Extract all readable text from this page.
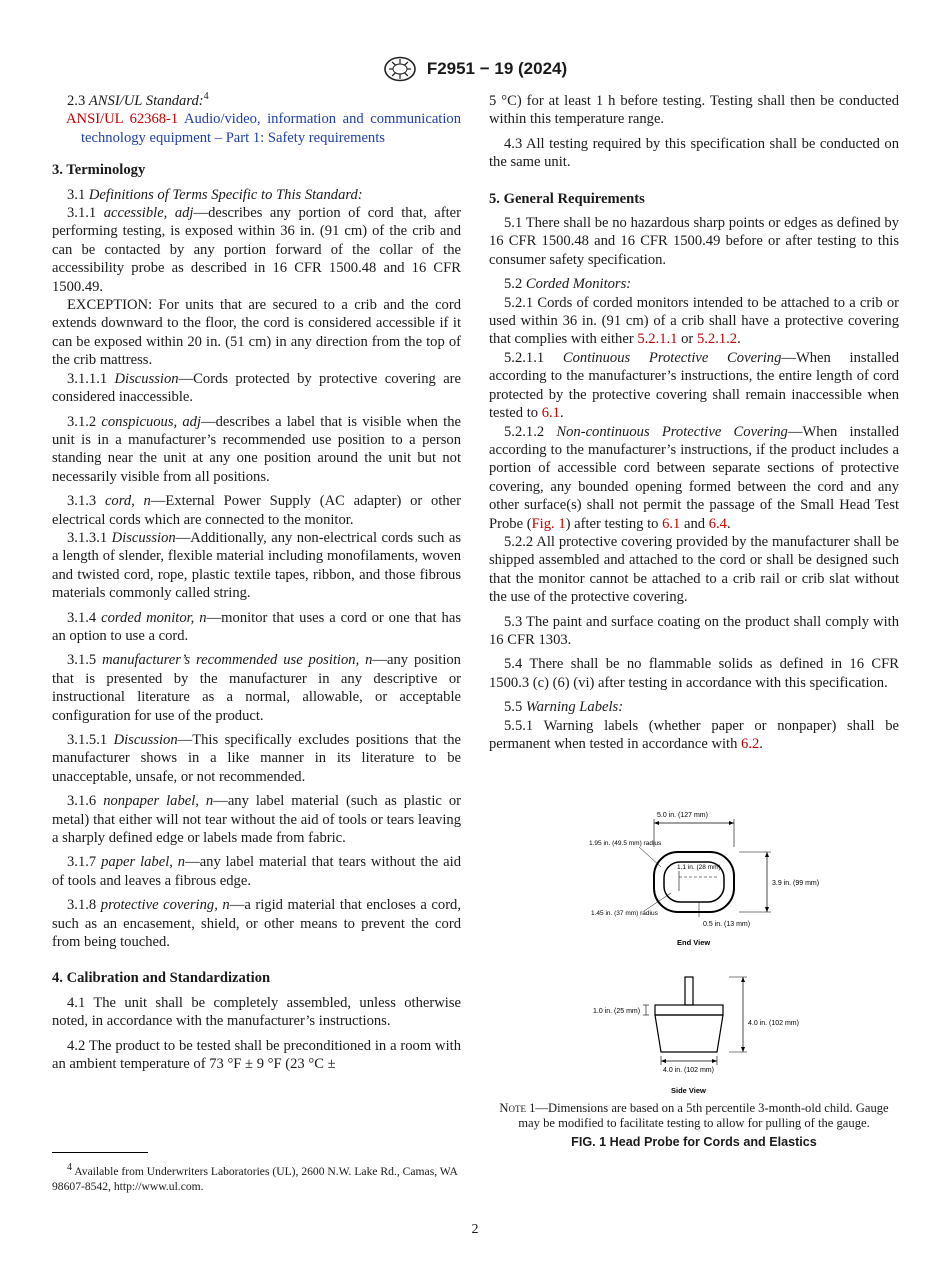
F2951 − 19 (2024)

2.3 ANSI/UL Standard:$^4$

ANSI/UL 62368-1 Audio/video, information and communication technology equipment – Part 1: Safety requirements
3. Terminology

3.1 Definitions of Terms Specific to This Standard:

3.1.1 accessible, adj—describes any portion of cord that, after performing testing, is exposed within 36 in. (91 cm) of the crib and can be contacted by any portion forward of the collar of the accessibility probe as described in 16 CFR 1500.48 and 16 CFR 1500.49.

EXCEPTION: For units that are secured to a crib and the cord extends downward to the floor, the cord is considered accessible if it can be exposed within 20 in. (51 cm) in any direction from the top of the crib mattress.

3.1.1.1 Discussion—Cords protected by protective covering are considered inaccessible.

3.1.2 conspicuous, adj—describes a label that is visible when the unit is in a manufacturer’s recommended use position to a person standing near the unit at any one position around the unit but not necessarily visible from all positions.

3.1.3 cord, n—External Power Supply (AC adapter) or other electrical cords which are connected to the monitor.

3.1.3.1 Discussion—Additionally, any non-electrical cords such as a length of slender, flexible material including monofilaments, woven and twisted cord, rope, plastic textile tapes, ribbon, and those fibrous materials commonly called string.

3.1.4 corded monitor, n—monitor that uses a cord or one that has an option to use a cord.

3.1.5 manufacturer’s recommended use position, n—any position that is presented by the manufacturer in any descriptive or instructional literature as a normal, allowable, or acceptable configuration for use of the product.

3.1.5.1 Discussion—This specifically excludes positions that the manufacturer shows in a like manner in its literature to be unacceptable, unsafe, or not recommended.

3.1.6 nonpaper label, n—any label material (such as plastic or metal) that either will not tear without the aid of tools or tears leaving a sharply defined edge or labels made from fabric.

3.1.7 paper label, n—any label material that tears without the aid of tools and leaves a fibrous edge.

3.1.8 protective covering, n—a rigid material that encloses a cord, such as an encasement, shield, or other means to prevent the cord from being touched.

4. Calibration and Standardization

4.1 The unit shall be completely assembled, unless otherwise noted, in accordance with the manufacturer’s instructions.

4.2 The product to be tested shall be preconditioned in a room with an ambient temperature of 73 °F ± 9 °F (23 °C ±

5 °C) for at least 1 h before testing. Testing shall then be conducted within this temperature range.

4.3 All testing required by this specification shall be conducted on the same unit.

5. General Requirements

5.1 There shall be no hazardous sharp points or edges as defined by 16 CFR 1500.48 and 16 CFR 1500.49 before or after testing to this consumer safety specification.

5.2 Corded Monitors:

5.2.1 Cords of corded monitors intended to be attached to a crib or used within 36 in. (91 cm) of a crib shall have a protective covering that complies with either 5.2.1.1 or 5.2.1.2.

5.2.1.1 Continuous Protective Covering—When installed according to the manufacturer’s instructions, the entire length of cord protected by the protective covering shall remain inaccessible when tested to 6.1.

5.2.1.2 Non-continuous Protective Covering—When installed according to the manufacturer’s instructions, if the product includes a portion of accessible cord between separate sections of protective covering, any bounded opening formed between the cord and any other surface(s) shall not permit the passage of the Small Head Test Probe (Fig. 1) after testing to 6.1 and 6.4.

5.2.2 All protective covering provided by the manufacturer shall be shipped assembled and attached to the cord or shall be designed such that the monitor cannot be attached to a crib rail or crib slat without the use of the protective covering.

5.3 The paint and surface coating on the product shall comply with 16 CFR 1303.

5.4 There shall be no flammable solids as defined in 16 CFR 1500.3 (c) (6) (vi) after testing in accordance with this specification.

5.5 Warning Labels:

5.5.1 Warning labels (whether paper or nonpaper) shall be permanent when tested in accordance with 6.2.

5.0 in. (127 mm)
3.9 in. (99 mm)
1.1 in. (28 mm)
1.95 in. (49.5 mm) radius
1.45 in. (37 mm) radius
0.5 in. (13 mm)
End View
1.0 in. (25 mm)
4.0 in. (102 mm)
4.0 in. (102 mm)
Side View
Note 1—Dimensions are based on a 5th percentile 3-month-old child. Gauge may be modified to facilitate testing to allow for pulling of the gauge.
FIG. 1 Head Probe for Cords and Elastics

$^4$ Available from Underwriters Laboratories (UL), 2600 N.W. Lake Rd., Camas, WA 98607-8542, http://www.ul.com.

2
